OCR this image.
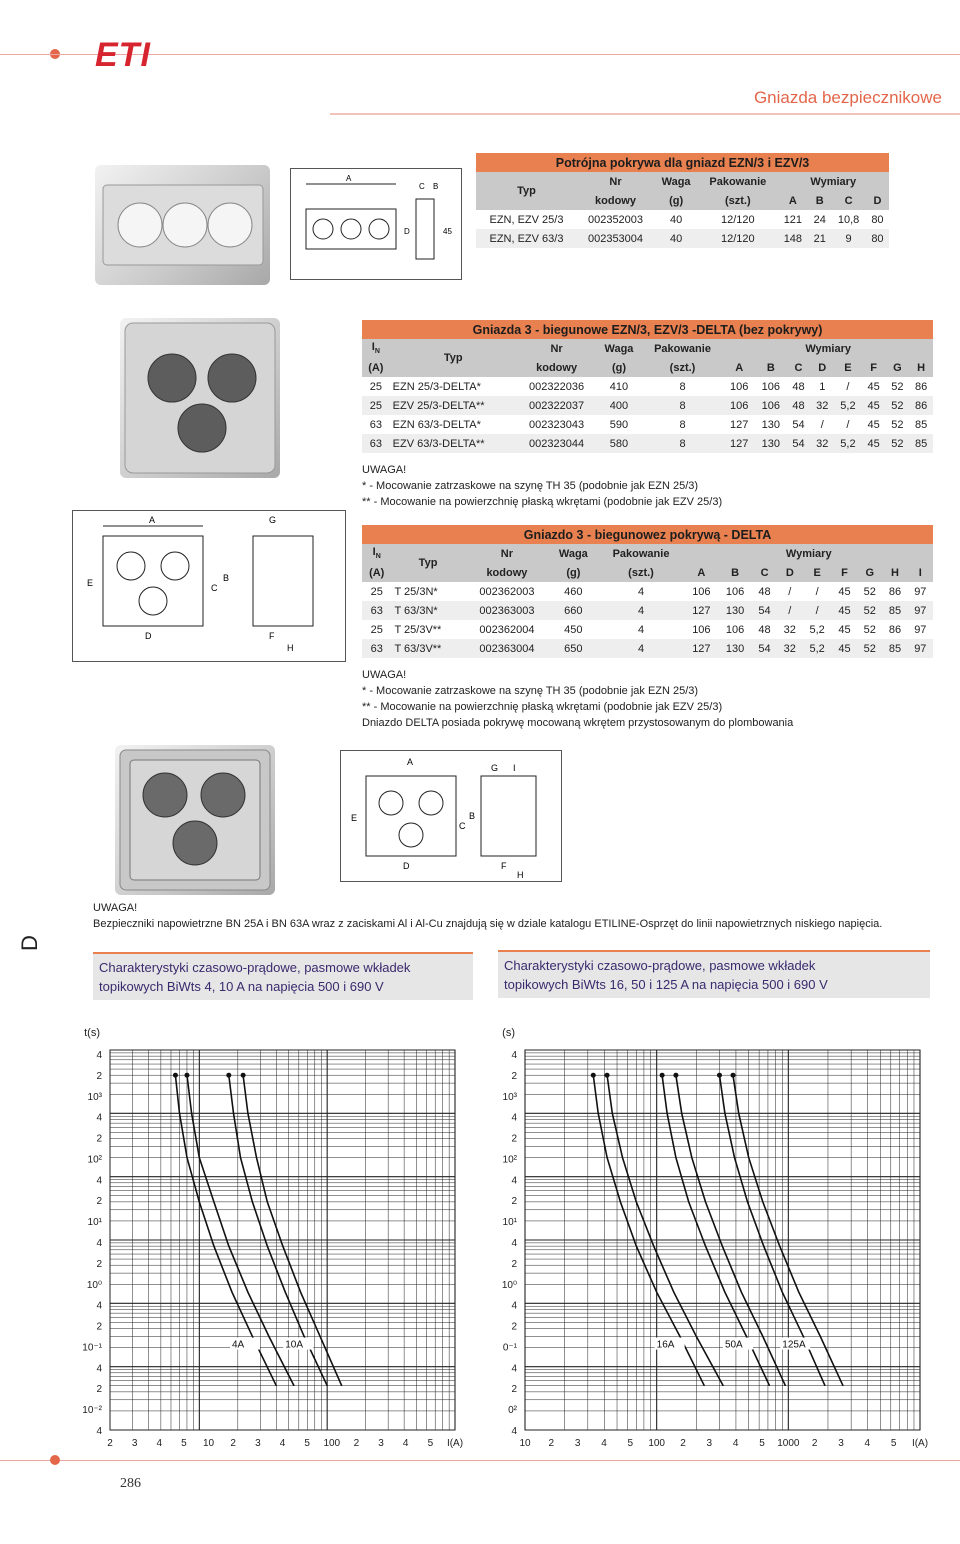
ETI
Gniazda bezpiecznikowe
A
D
C B
45
Potrójna pokrywa dla gniazd EZN/3 i EZV/3							
Typ	Nr	Waga	Pakowanie	Wymiary			
	kodowy	(g)	(szt.)	A	B	C	D
EZN, EZV 25/3	002352003	40	12/120	121	24	10,8	80
EZN, EZV 63/3	002353004	40	12/120	148	21	9	80
Gniazda 3 - biegunowe EZN/3, EZV/3 -DELTA (bez pokrywy)												
$I_N$	Typ	Nr	Waga	Pakowanie	Wymiary							
(A)		kodowy	(g)	(szt.)	A	B	C	D	E	F	G	H
25	EZN 25/3-DELTA*	002322036	410	8	106	106	48	1	/	45	52	86
25	EZV 25/3-DELTA**	002322037	400	8	106	106	48	32	5,2	45	52	86
63	EZN 63/3-DELTA*	002323043	590	8	127	130	54	/	/	45	52	85
63	EZV 63/3-DELTA**	002323044	580	8	127	130	54	32	5,2	45	52	85
UWAGA!
* - Mocowanie zatrzaskowe na szynę TH 35 (podobnie jak EZN 25/3)
** - Mocowanie na powierzchnię płaską wkrętami (podobnie jak EZV 25/3)
A	G
D	F
H
E	C
B
Gniazdo 3 - biegunowez pokrywą - DELTA													
$I_N$	Typ	Nr	Waga	Pakowanie	Wymiary								
(A)		kodowy	(g)	(szt.)	A	B	C	D	E	F	G	H	I
25	T 25/3N*	002362003	460	4	106	106	48	/	/	45	52	86	97
63	T 63/3N*	002363003	660	4	127	130	54	/	/	45	52	85	97
25	T 25/3V**	002362004	450	4	106	106	48	32	5,2	45	52	86	97
63	T 63/3V**	002363004	650	4	127	130	54	32	5,2	45	52	85	97
UWAGA!
* - Mocowanie zatrzaskowe na szynę TH 35 (podobnie jak EZN 25/3)
** - Mocowanie na powierzchnię płaską wkrętami (podobnie jak EZV 25/3)
Dniazdo DELTA posiada pokrywę mocowaną wkrętem przystosowanym do plombowania
A
G I
D	F
H
E
C
B
D
UWAGA!
Bezpieczniki napowietrzne BN 25A i BN 63A wraz z zaciskami Al i Al-Cu znajdują się w dziale katalogu ETILINE-Osprzęt do linii napowietrznych niskiego napięcia.
Charakterystyki czasowo-prądowe, pasmowe wkładek
topikowych BiWts 4, 10 A na napięcia 500 i 690 V
Charakterystyki czasowo-prądowe, pasmowe wkładek
topikowych BiWts 16, 50 i 125 A na napięcia 500 i 690 V
4
2
10³
4
2
10²
4
2
10¹
4
2
10⁰
4
2
10⁻¹
4
2
10⁻²
4
2 3 4 5 10 2 3 4 5 100 2 3 4 5 I(A)
t(s)
4A	10A
4
2
10³
4
2
10²
4
2
10¹
4
2
10⁰
4
2
0⁻¹
4
2
0²
4
10 2 3 4 5 100 2 3 4 5 1000 2 3 4 5 I(A)
(s)
16A	50A	125A
286
